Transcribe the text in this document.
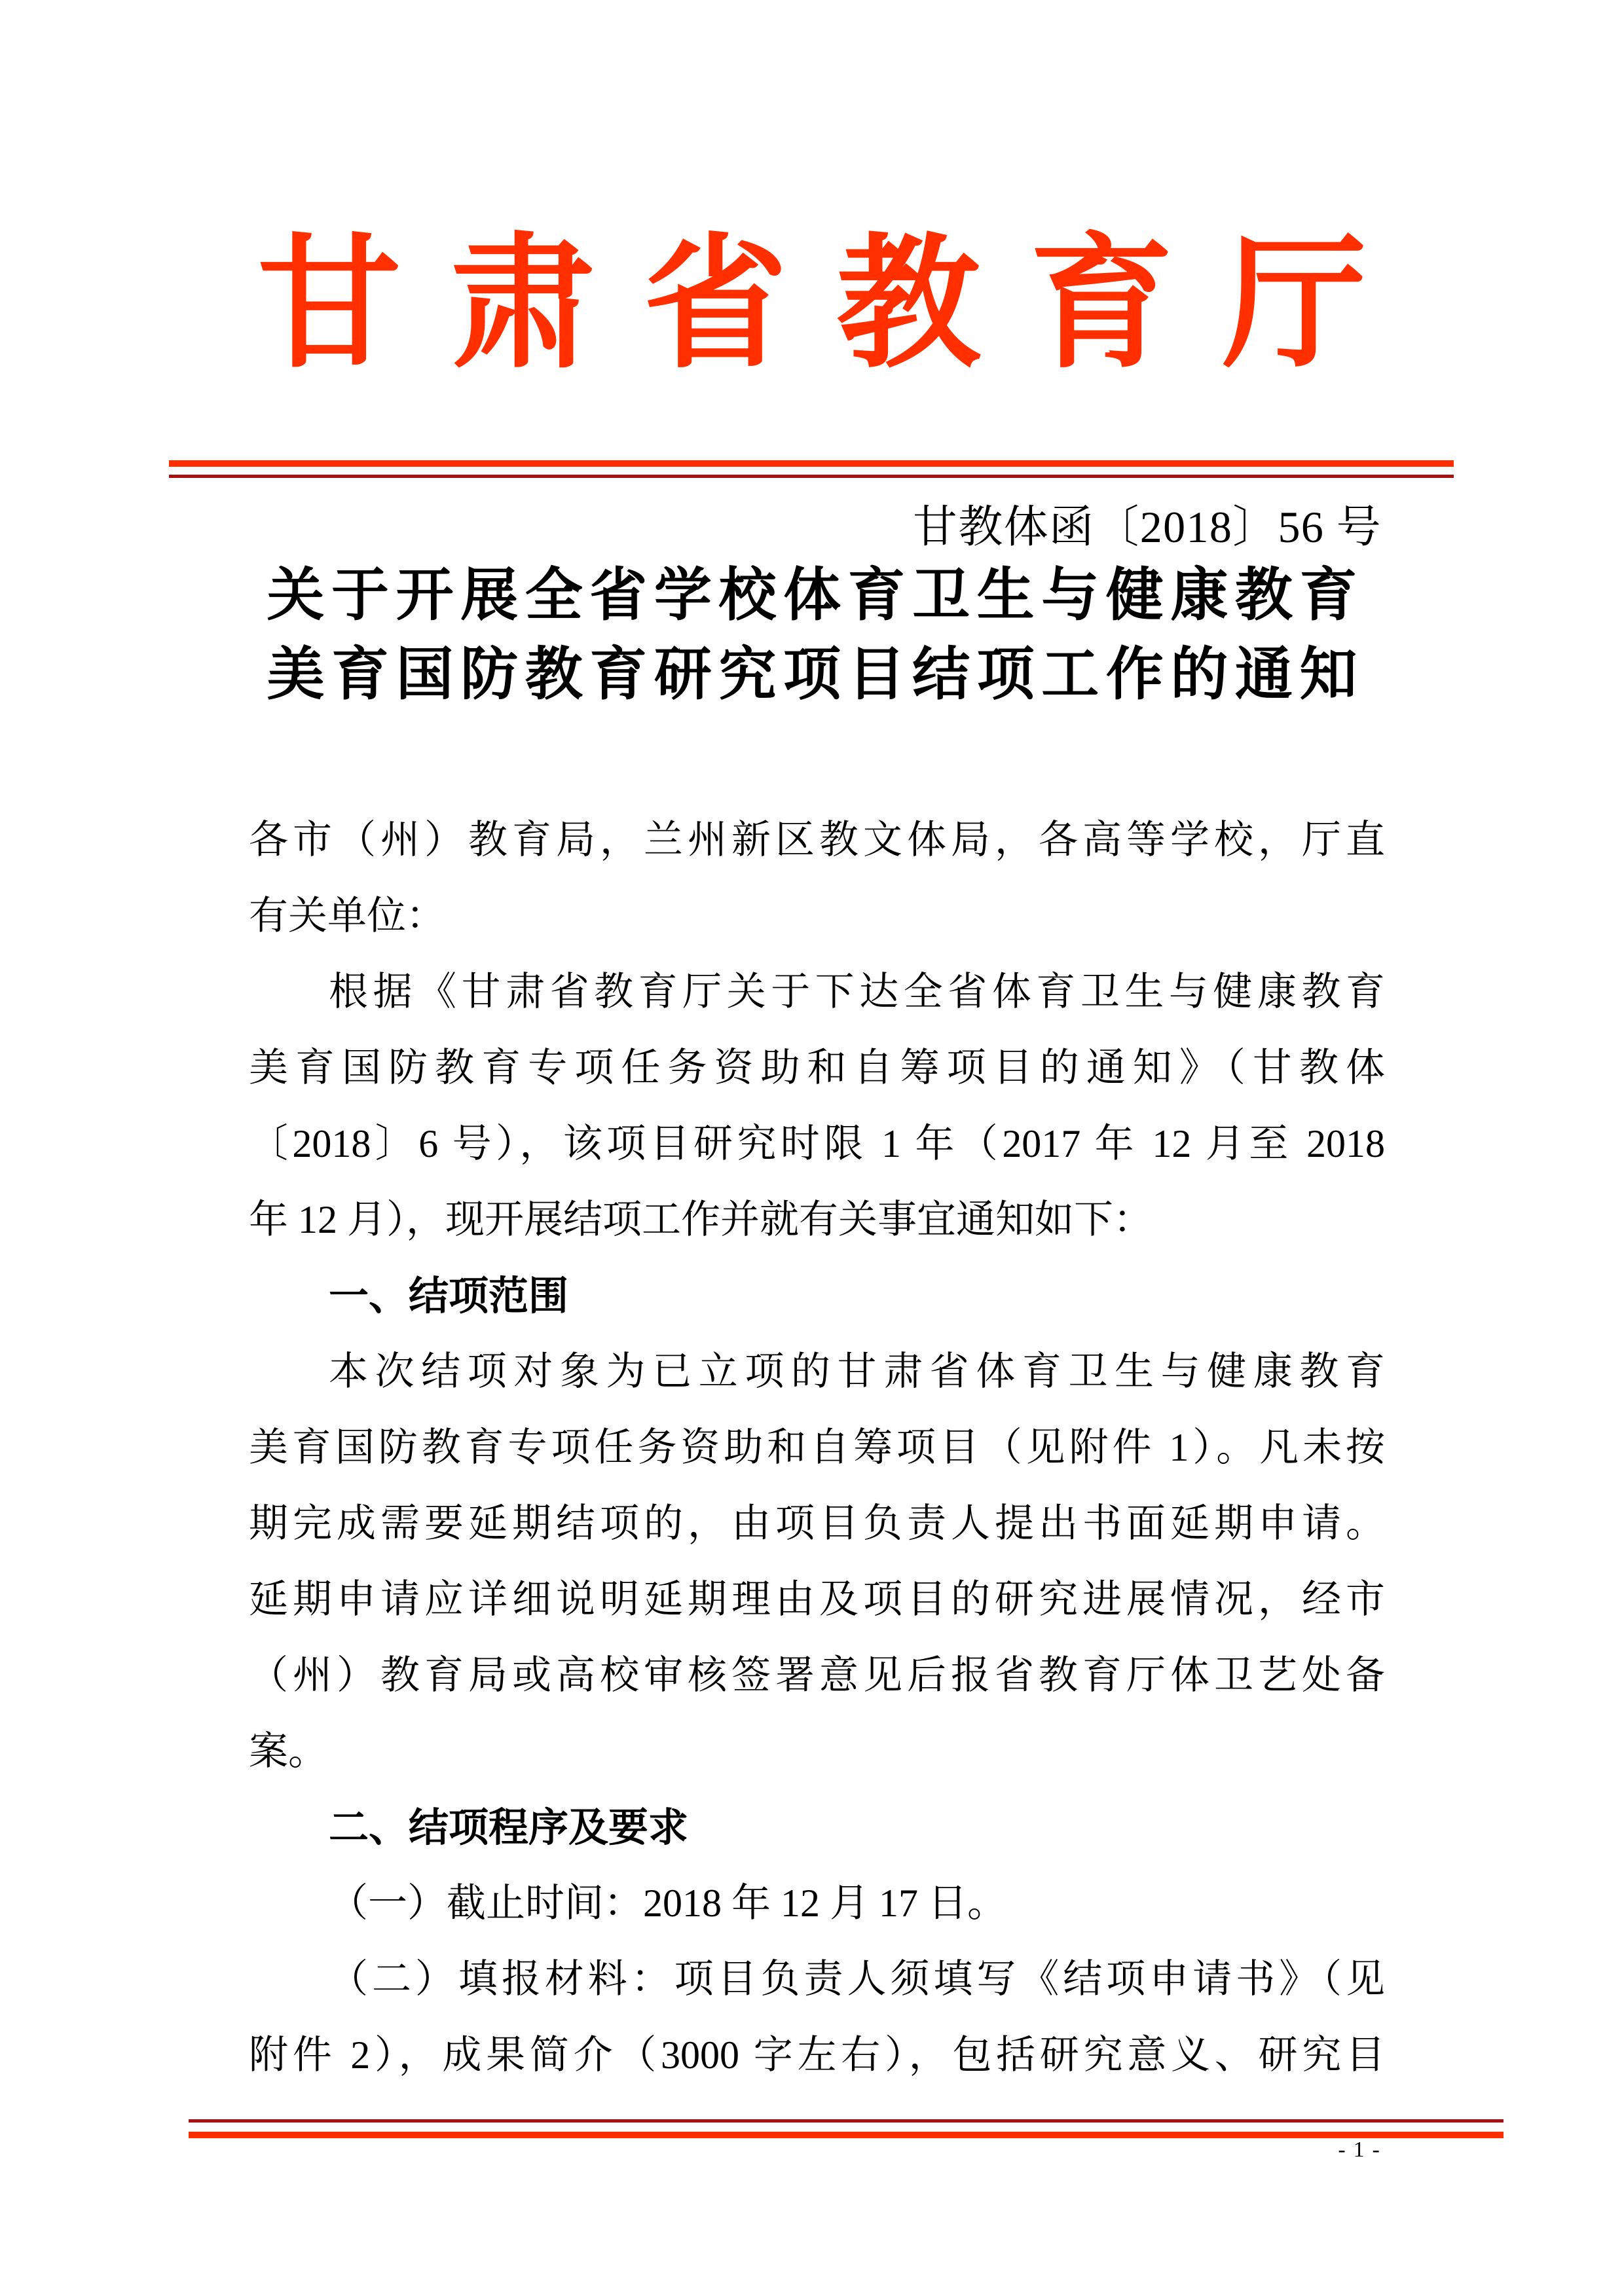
甘肃省教育厅
甘教体函〔2018〕56 号
关于开展全省学校体育卫生与健康教育
美育国防教育研究项目结项工作的通知
各市（州）教育局，兰州新区教文体局，各高等学校，厅直
有关单位：
根据《甘肃省教育厅关于下达全省体育卫生与健康教育
美育国防教育专项任务资助和自筹项目的通知》（甘教体
〔2018〕6 号），该项目研究时限 1 年（2017 年 12 月至 2018
年 12 月），现开展结项工作并就有关事宜通知如下：
一、结项范围
本次结项对象为已立项的甘肃省体育卫生与健康教育
美育国防教育专项任务资助和自筹项目（见附件 1）。凡未按
期完成需要延期结项的，由项目负责人提出书面延期申请。
延期申请应详细说明延期理由及项目的研究进展情况，经市
（州）教育局或高校审核签署意见后报省教育厅体卫艺处备
案。
二、结项程序及要求
（一）截止时间：2018 年 12 月 17 日。
（二）填报材料：项目负责人须填写《结项申请书》（见
附件 2），成果简介（3000 字左右），包括研究意义、研究目
- 1 -
